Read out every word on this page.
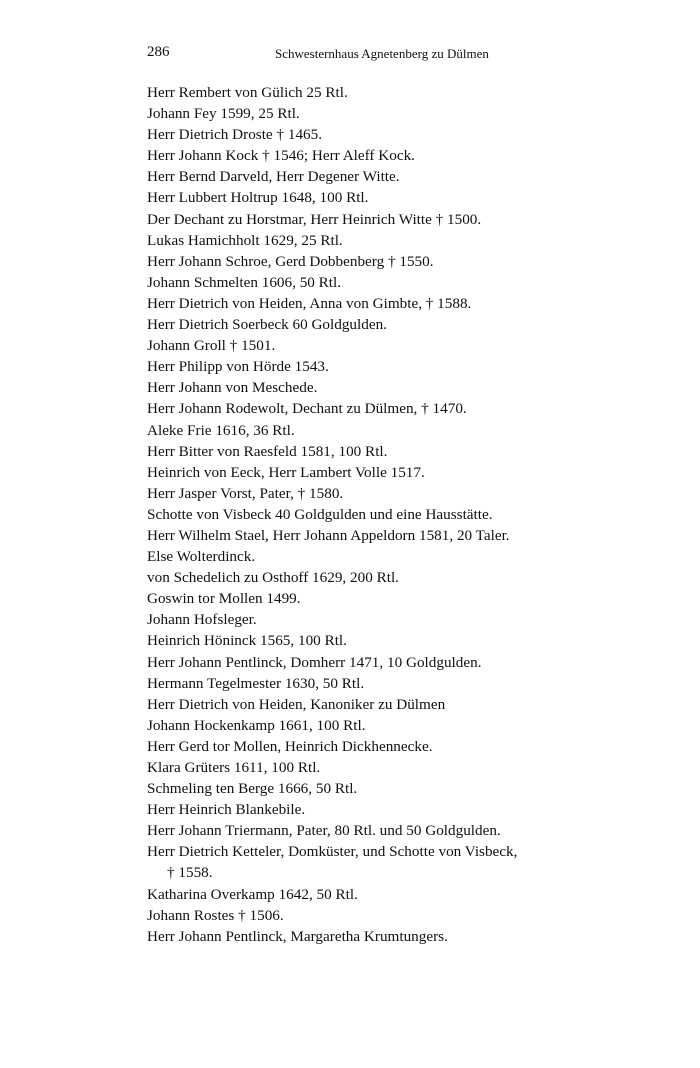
286	Schwesternhaus Agnetenberg zu Dülmen
Herr Rembert von Gülich 25 Rtl.
Johann Fey 1599, 25 Rtl.
Herr Dietrich Droste † 1465.
Herr Johann Kock † 1546; Herr Aleff Kock.
Herr Bernd Darveld, Herr Degener Witte.
Herr Lubbert Holtrup 1648, 100 Rtl.
Der Dechant zu Horstmar, Herr Heinrich Witte † 1500.
Lukas Hamichholt 1629, 25 Rtl.
Herr Johann Schroe, Gerd Dobbenberg † 1550.
Johann Schmelten 1606, 50 Rtl.
Herr Dietrich von Heiden, Anna von Gimbte, † 1588.
Herr Dietrich Soerbeck 60 Goldgulden.
Johann Groll † 1501.
Herr Philipp von Hörde 1543.
Herr Johann von Meschede.
Herr Johann Rodewolt, Dechant zu Dülmen, † 1470.
Aleke Frie 1616, 36 Rtl.
Herr Bitter von Raesfeld 1581, 100 Rtl.
Heinrich von Eeck, Herr Lambert Volle 1517.
Herr Jasper Vorst, Pater, † 1580.
Schotte von Visbeck 40 Goldgulden und eine Hausstätte.
Herr Wilhelm Stael, Herr Johann Appeldorn 1581, 20 Taler.
Else Wolterdinck.
von Schedelich zu Osthoff 1629, 200 Rtl.
Goswin tor Mollen 1499.
Johann Hofsleger.
Heinrich Höninck 1565, 100 Rtl.
Herr Johann Pentlinck, Domherr 1471, 10 Goldgulden.
Hermann Tegelmester 1630, 50 Rtl.
Herr Dietrich von Heiden, Kanoniker zu Dülmen
Johann Hockenkamp 1661, 100 Rtl.
Herr Gerd tor Mollen, Heinrich Dickhennecke.
Klara Grüters 1611, 100 Rtl.
Schmeling ten Berge 1666, 50 Rtl.
Herr Heinrich Blankebile.
Herr Johann Triermann, Pater, 80 Rtl. und 50 Goldgulden.
Herr Dietrich Ketteler, Domküster, und Schotte von Visbeck,
† 1558.
Katharina Overkamp 1642, 50 Rtl.
Johann Rostes † 1506.
Herr Johann Pentlinck, Margaretha Krumtungers.
